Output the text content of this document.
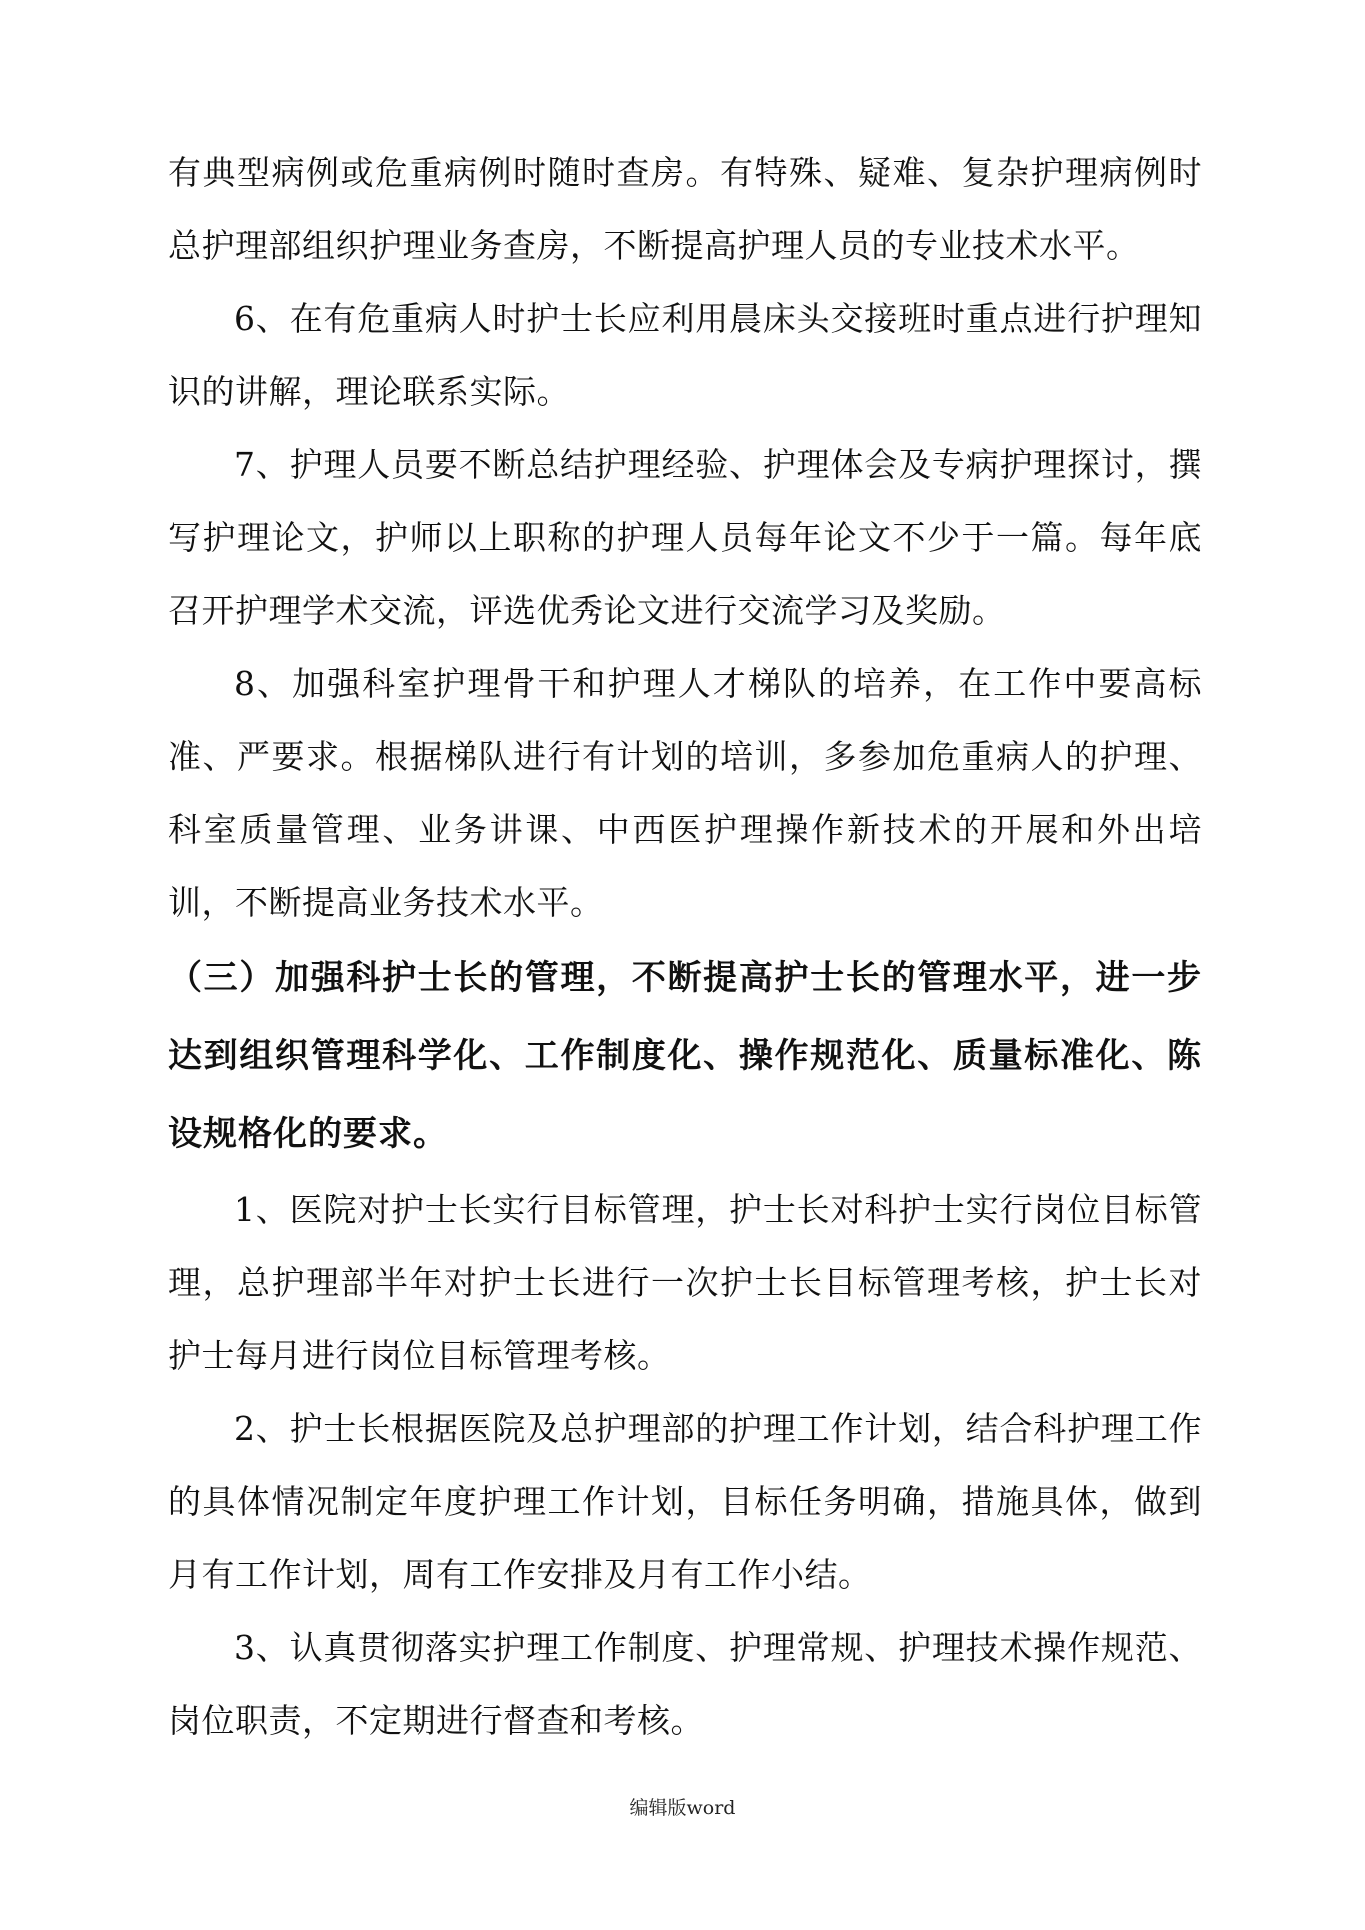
有典型病例或危重病例时随时查房。有特殊、疑难、复杂护理病例时总护理部组织护理业务查房，不断提高护理人员的专业技术水平。

6、在有危重病人时护士长应利用晨床头交接班时重点进行护理知识的讲解，理论联系实际。

7、护理人员要不断总结护理经验、护理体会及专病护理探讨，撰写护理论文，护师以上职称的护理人员每年论文不少于一篇。每年底召开护理学术交流，评选优秀论文进行交流学习及奖励。

8、加强科室护理骨干和护理人才梯队的培养，在工作中要高标准、严要求。根据梯队进行有计划的培训，多参加危重病人的护理、科室质量管理、业务讲课、中西医护理操作新技术的开展和外出培训，不断提高业务技术水平。

（三）加强科护士长的管理，不断提高护士长的管理水平，进一步达到组织管理科学化、工作制度化、操作规范化、质量标准化、陈设规格化的要求。

1、医院对护士长实行目标管理，护士长对科护士实行岗位目标管理，总护理部半年对护士长进行一次护士长目标管理考核，护士长对护士每月进行岗位目标管理考核。

2、护士长根据医院及总护理部的护理工作计划，结合科护理工作的具体情况制定年度护理工作计划，目标任务明确，措施具体，做到月有工作计划，周有工作安排及月有工作小结。

3、认真贯彻落实护理工作制度、护理常规、护理技术操作规范、岗位职责，不定期进行督查和考核。

编辑版word
